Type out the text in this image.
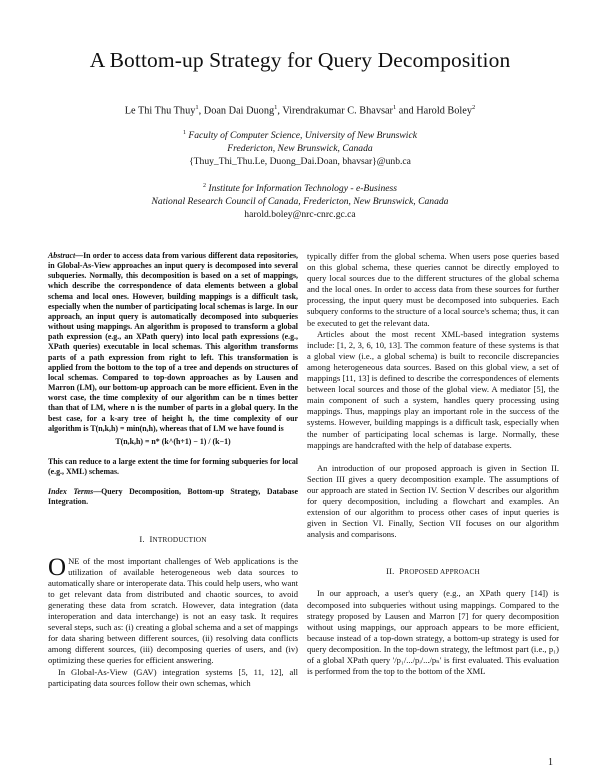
A Bottom-up Strategy for Query Decomposition
Le Thi Thu Thuy$^1$, Doan Dai Duong$^1$, Virendrakumar C. Bhavsar$^1$ and Harold Boley$^2$
$^1$ Faculty of Computer Science, University of New Brunswick
Fredericton, New Brunswick, Canada
{Thuy_Thi_Thu.Le, Duong_Dai.Doan, bhavsar}@unb.ca
$^2$ Institute for Information Technology - e-Business
National Research Council of Canada, Fredericton, New Brunswick, Canada
harold.boley@nrc-cnrc.gc.ca
Abstract—In order to access data from various different data repositories, in Global-As-View approaches an input query is decomposed into several subqueries. Normally, this decomposition is based on a set of mappings, which describe the correspondence of data elements between a global schema and local ones. However, building mappings is a difficult task, especially when the number of participating local schemas is large. In our approach, an input query is automatically decomposed into subqueries without using mappings. An algorithm is proposed to transform a global path expression (e.g., an XPath query) into local path expressions (e.g., XPath queries) executable in local schemas. This algorithm transforms parts of a path expression from right to left. This transformation is applied from the bottom to the top of a tree and depends on structures of local schemas. Compared to top-down approaches as by Lausen and Marron (LM), our bottom-up approach can be more efficient. Even in the worst case, the time complexity of our algorithm can be n times better than that of LM, where n is the number of parts in a global query. In the best case, for a k-ary tree of height h, the time complexity of our algorithm is T(n,k,h) = min(n,h), whereas that of LM we have found is
T(n,k,h) = n* (k^(h+1) − 1) / (k−1)
This can reduce to a large extent the time for forming subqueries for local (e.g., XML) schemas.
Index Terms—Query Decomposition, Bottom-up Strategy, Database Integration.
I. INTRODUCTION

ONE of the most important challenges of Web applications is the utilization of available heterogeneous web data sources to automatically share or interoperate data. This could help users, who want to get relevant data from distributed and chaotic sources, to avoid generating these data from scratch. However, data integration (data interoperation and data interchange) is not an easy task. It requires several steps, such as: (i) creating a global schema and a set of mappings for data sharing between different sources, (ii) resolving data conflicts among different sources, (iii) decomposing queries of users, and (iv) optimizing these queries for efficient answering.

In Global-As-View (GAV) integration systems [5, 11, 12], all participating data sources follow their own schemas, which

typically differ from the global schema. When users pose queries based on this global schema, these queries cannot be directly employed to query local sources due to the different structures of the global schema and the local ones. In order to access data from these sources for further processing, the input query must be decomposed into subqueries. Each subquery conforms to the structure of a local source's schema; thus, it can be executed to get the relevant data.

Articles about the most recent XML-based integration systems include: [1, 2, 3, 6, 10, 13]. The common feature of these systems is that a global view (i.e., a global schema) is built to reconcile discrepancies among heterogeneous data sources. Based on this global view, a set of mappings [11, 13] is defined to describe the correspondences of elements between local sources and those of the global view. A mediator [5], the main component of such a system, handles query processing using mappings. Thus, mappings play an important role in the success of the systems. However, building mappings is a difficult task, especially when the number of participating local schemas is large. Normally, these mappings are handcrafted with the help of database experts.

An introduction of our proposed approach is given in Section II. Section III gives a query decomposition example. The assumptions of our approach are stated in Section IV. Section V describes our algorithm for query decomposition, including a flowchart and examples. An extension of our algorithm to process other cases of input queries is given in Section VI. Finally, Section VII focuses on our algorithm analysis and comparisons.

II. PROPOSED APPROACH

In our approach, a user's query (e.g., an XPath query [14]) is decomposed into subqueries without using mappings. Compared to the strategy proposed by Lausen and Marron [7] for query decomposition without using mappings, our approach appears to be more efficient, because instead of a top-down strategy, a bottom-up strategy is used for query decomposition. In the top-down strategy, the leftmost part (i.e., p₁) of a global XPath query '/p₁/.../pᵢ/.../pₙ' is first evaluated. This evaluation is performed from the top to the bottom of the XML

1
